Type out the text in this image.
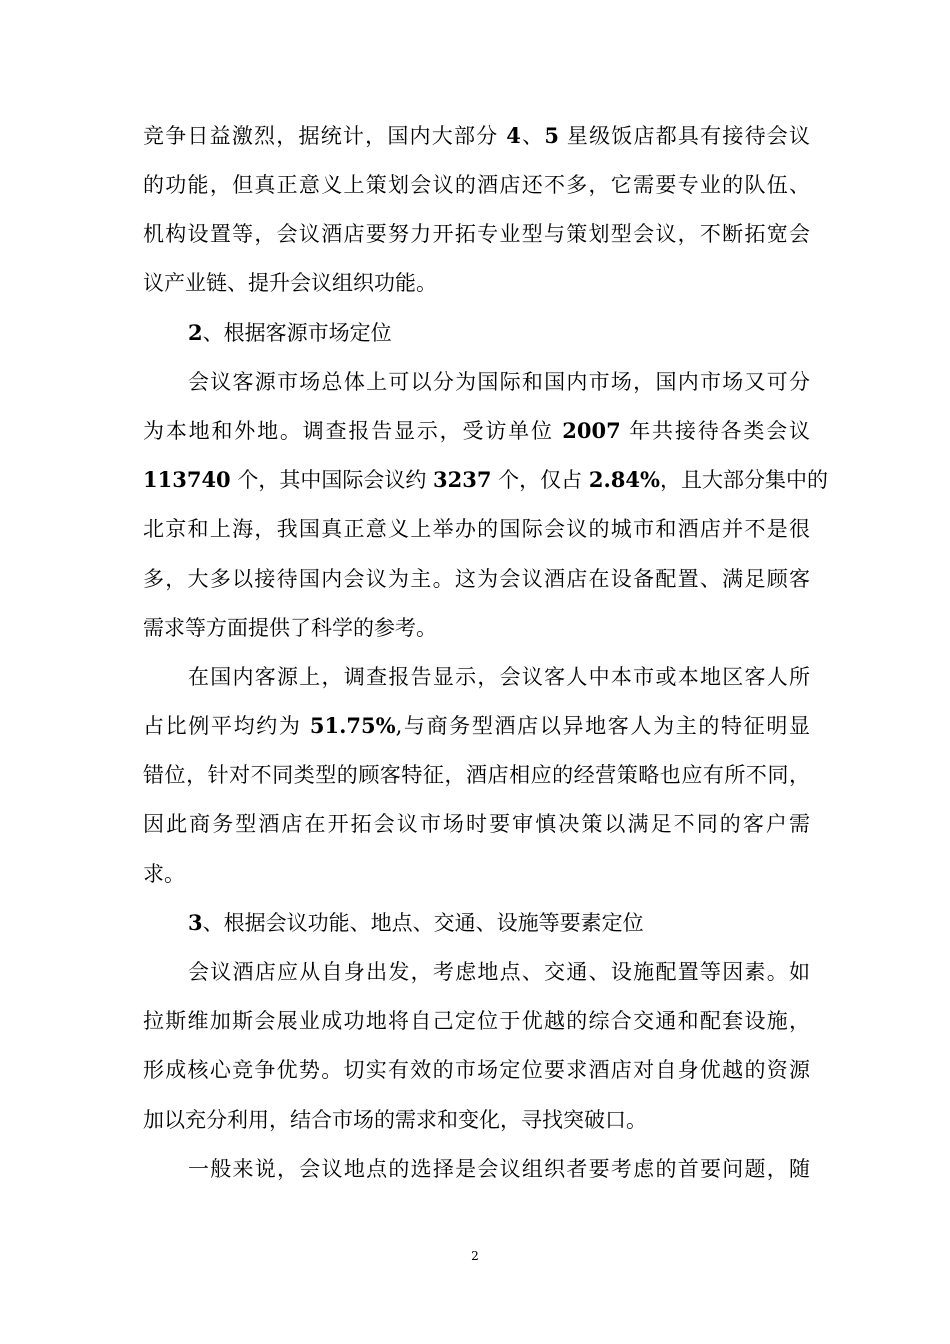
竞争日益激烈，据统计，国内大部分 4、5 星级饭店都具有接待会议
的功能，但真正意义上策划会议的酒店还不多，它需要专业的队伍、
机构设置等，会议酒店要努力开拓专业型与策划型会议，不断拓宽会
议产业链、提升会议组织功能。
2、根据客源市场定位
会议客源市场总体上可以分为国际和国内市场，国内市场又可分
为本地和外地。调查报告显示，受访单位 2007 年共接待各类会议
113740 个，其中国际会议约 3237 个，仅占 2.84%，且大部分集中的
北京和上海，我国真正意义上举办的国际会议的城市和酒店并不是很
多，大多以接待国内会议为主。这为会议酒店在设备配置、满足顾客
需求等方面提供了科学的参考。
在国内客源上，调查报告显示，会议客人中本市或本地区客人所
占比例平均约为 51.75%,与商务型酒店以异地客人为主的特征明显
错位，针对不同类型的顾客特征，酒店相应的经营策略也应有所不同，
因此商务型酒店在开拓会议市场时要审慎决策以满足不同的客户需
求。
3、根据会议功能、地点、交通、设施等要素定位
会议酒店应从自身出发，考虑地点、交通、设施配置等因素。如
拉斯维加斯会展业成功地将自己定位于优越的综合交通和配套设施，
形成核心竞争优势。切实有效的市场定位要求酒店对自身优越的资源
加以充分利用，结合市场的需求和变化，寻找突破口。
一般来说，会议地点的选择是会议组织者要考虑的首要问题，随
2
